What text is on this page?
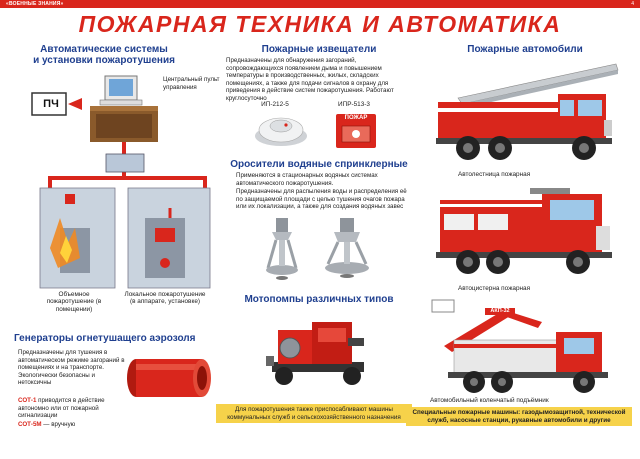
«ВОЕННЫЕ ЗНАНИЯ»	4
ПОЖАРНАЯ ТЕХНИКА И АВТОМАТИКА
Автоматические системы
и установки пожаротушения
ПЧ
Центральный пульт управления
Объемное пожаротушение (в помещении)
Локальное пожаротушение (в аппарате, установке)
Генераторы огнетушащего аэрозоля
Предназначены для тушения в автоматическом режиме загораний в помещениях и на транспорте. Экологически безопасны и нетоксичны
СОТ-1 приводится в действие автономно или от пожарной сигнализации
СОТ-5М — вручную
Пожарные извещатели
Предназначены для обнаружения загораний, сопровождающихся появлением дыма и повышением температуры в производственных, жилых, складских помещениях, а также для подачи сигналов в охрану для приведения в действие систем пожаротушения. Работают круглосуточно
ИП-212-5	ИПР-513-3
ПОЖАР
Оросители водяные спринклерные
Применяются в стационарных водяных системах автоматического пожаротушения.
Предназначены для распыления воды и распределения её по защищаемой площади с целью тушения очагов пожара или их локализации, а также для создания водяных завес
Мотопомпы различных типов
Для пожаротушения также приспосабливают машины коммунальных служб и сельскохозяйственного назначения
Пожарные автомобили
Автолестница пожарная
Автоцистерна пожарная
АКП-32
Автомобильный коленчатый подъёмник
Специальные пожарные машины: газодымозащитной, технической служб, насосные станции, рукавные автомобили и другие
